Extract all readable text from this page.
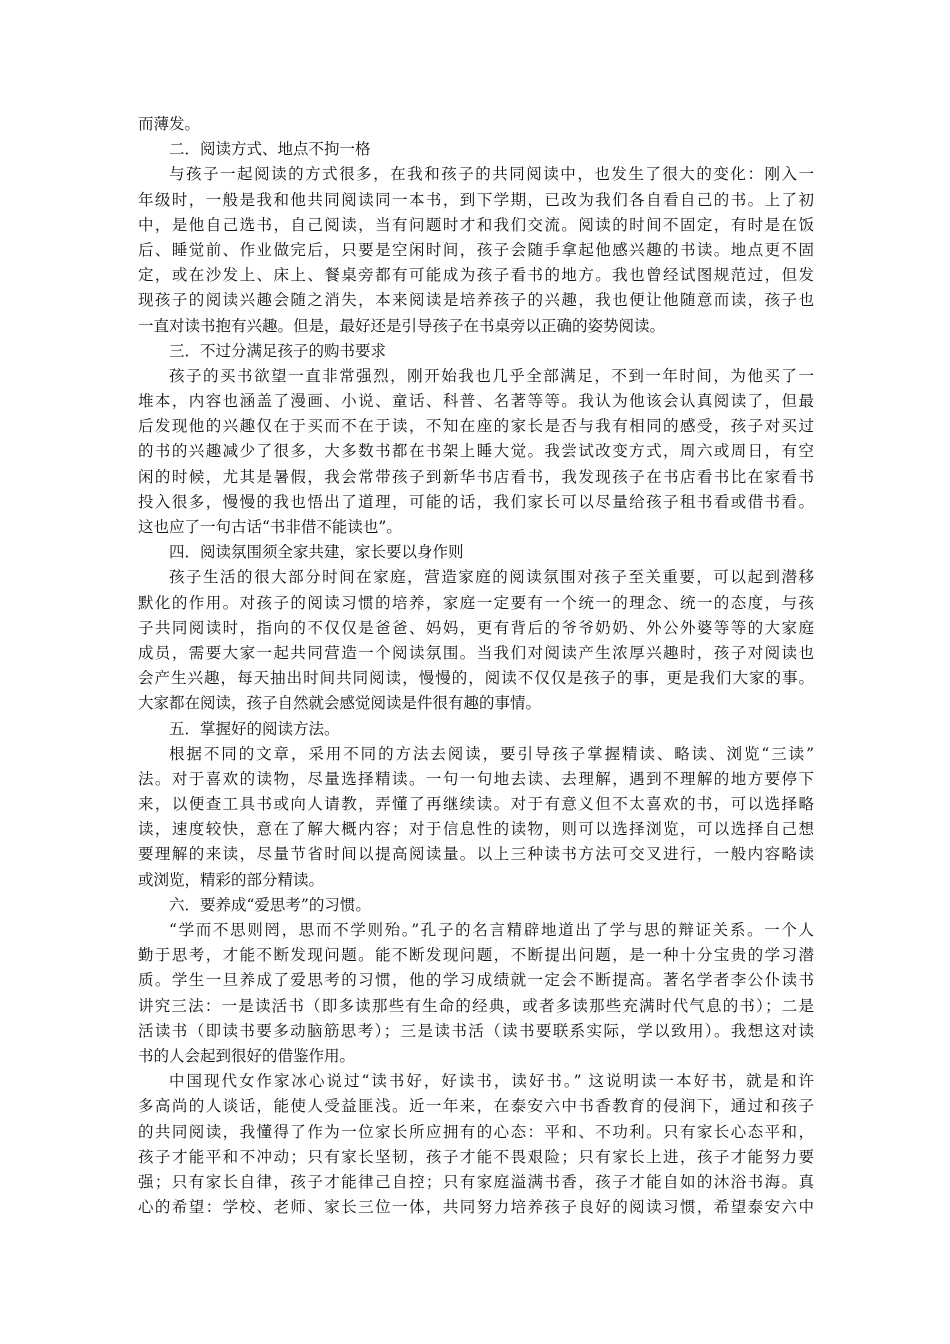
而薄发。

二．阅读方式、地点不拘一格

与孩子一起阅读的方式很多，在我和孩子的共同阅读中，也发生了很大的变化：刚入一

年级时，一般是我和他共同阅读同一本书，到下学期，已改为我们各自看自己的书。上了初

中，是他自己选书，自己阅读，当有问题时才和我们交流。阅读的时间不固定，有时是在饭

后、睡觉前、作业做完后，只要是空闲时间，孩子会随手拿起他感兴趣的书读。地点更不固

定，或在沙发上、床上、餐桌旁都有可能成为孩子看书的地方。我也曾经试图规范过，但发

现孩子的阅读兴趣会随之消失，本来阅读是培养孩子的兴趣，我也便让他随意而读，孩子也

一直对读书抱有兴趣。但是，最好还是引导孩子在书桌旁以正确的姿势阅读。

三．不过分满足孩子的购书要求

孩子的买书欲望一直非常强烈，刚开始我也几乎全部满足，不到一年时间，为他买了一

堆本，内容也涵盖了漫画、小说、童话、科普、名著等等。我认为他该会认真阅读了，但最

后发现他的兴趣仅在于买而不在于读，不知在座的家长是否与我有相同的感受，孩子对买过

的书的兴趣减少了很多，大多数书都在书架上睡大觉。我尝试改变方式，周六或周日，有空

闲的时候，尤其是暑假，我会常带孩子到新华书店看书，我发现孩子在书店看书比在家看书

投入很多，慢慢的我也悟出了道理，可能的话，我们家长可以尽量给孩子租书看或借书看。

这也应了一句古话“书非借不能读也”。

四．阅读氛围须全家共建，家长要以身作则

孩子生活的很大部分时间在家庭，营造家庭的阅读氛围对孩子至关重要，可以起到潜移

默化的作用。对孩子的阅读习惯的培养，家庭一定要有一个统一的理念、统一的态度，与孩

子共同阅读时，指向的不仅仅是爸爸、妈妈，更有背后的爷爷奶奶、外公外婆等等的大家庭

成员，需要大家一起共同营造一个阅读氛围。当我们对阅读产生浓厚兴趣时，孩子对阅读也

会产生兴趣，每天抽出时间共同阅读，慢慢的，阅读不仅仅是孩子的事，更是我们大家的事。

大家都在阅读，孩子自然就会感觉阅读是件很有趣的事情。

五．掌握好的阅读方法。

根据不同的文章，采用不同的方法去阅读，要引导孩子掌握精读、略读、浏览“三读”

法。对于喜欢的读物，尽量选择精读。一句一句地去读、去理解，遇到不理解的地方要停下

来，以便查工具书或向人请教，弄懂了再继续读。对于有意义但不太喜欢的书，可以选择略

读，速度较快，意在了解大概内容；对于信息性的读物，则可以选择浏览，可以选择自己想

要理解的来读，尽量节省时间以提高阅读量。以上三种读书方法可交叉进行，一般内容略读

或浏览，精彩的部分精读。

六．要养成“爱思考”的习惯。

“学而不思则罔，思而不学则殆。”孔子的名言精辟地道出了学与思的辩证关系。一个人

勤于思考，才能不断发现问题。能不断发现问题，不断提出问题，是一种十分宝贵的学习潜

质。学生一旦养成了爱思考的习惯，他的学习成绩就一定会不断提高。著名学者李公仆读书

讲究三法：一是读活书（即多读那些有生命的经典，或者多读那些充满时代气息的书）；二是

活读书（即读书要多动脑筋思考）；三是读书活（读书要联系实际，学以致用）。我想这对读

书的人会起到很好的借鉴作用。

中国现代女作家冰心说过“读书好，好读书，读好书。” 这说明读一本好书，就是和许

多高尚的人谈话，能使人受益匪浅。近一年来，在泰安六中书香教育的侵润下，通过和孩子

的共同阅读，我懂得了作为一位家长所应拥有的心态：平和、不功利。只有家长心态平和，

孩子才能平和不冲动；只有家长坚韧，孩子才能不畏艰险；只有家长上进，孩子才能努力要

强；只有家长自律，孩子才能律己自控；只有家庭溢满书香，孩子才能自如的沐浴书海。真

心的希望：学校、老师、家长三位一体，共同努力培养孩子良好的阅读习惯，希望泰安六中
